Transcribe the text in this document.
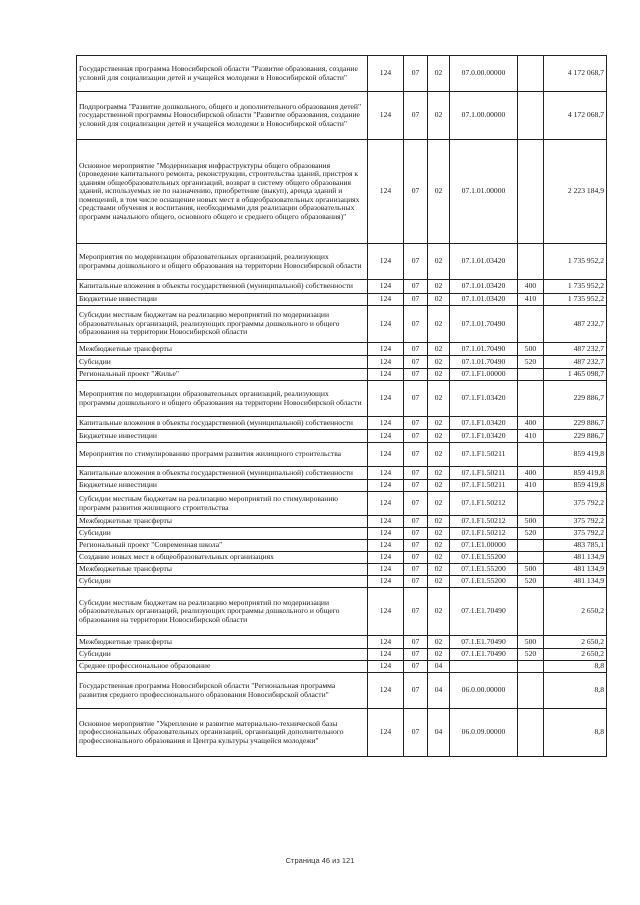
Государственная программа Новосибирской области "Развитие образования, создание условий для социализации детей и учащейся молодежи в Новосибирской области"	124	07	02	07.0.00.00000		4 172 068,7
Подпрограмма "Развитие дошкольного, общего и дополнительного образования детей" государственной программы Новосибирской области "Развитие образования, создание условий для социализации детей и учащейся молодежи в Новосибирской области"	124	07	02	07.1.00.00000		4 172 068,7
Основное мероприятие "Модернизация инфраструктуры общего образования (проведение капитального ремонта, реконструкции, строительства зданий, пристроя к зданиям общеобразовательных организаций, возврат в систему общего образования зданий, используемых не по назначению, приобретение (выкуп), аренда зданий и помещений, в том числе оснащение новых мест в общеобразовательных организациях средствами обучения и воспитания, необходимыми для реализации образовательных программ начального общего, основного общего и среднего общего образования)"	124	07	02	07.1.01.00000		2 223 184,9
Мероприятия по модернизации образовательных организаций, реализующих программы дошкольного и общего образования на территории Новосибирской области	124	07	02	07.1.01.03420		1 735 952,2
Капитальные вложения в объекты государственной (муниципальной) собственности	124	07	02	07.1.01.03420	400	1 735 952,2
Бюджетные инвестиции	124	07	02	07.1.01.03420	410	1 735 952,2
Субсидии местным бюджетам на реализацию мероприятий по модернизации образовательных организаций, реализующих программы дошкольного и общего образования на территории Новосибирской области	124	07	02	07.1.01.70490		487 232,7
Межбюджетные трансферты	124	07	02	07.1.01.70490	500	487 232,7
Субсидии	124	07	02	07.1.01.70490	520	487 232,7
Региональный проект "Жилье"	124	07	02	07.1.F1.00000		1 465 098,7
Мероприятия по модернизации образовательных организаций, реализующих программы дошкольного и общего образования на территории Новосибирской области	124	07	02	07.1.F1.03420		229 886,7
Капитальные вложения в объекты государственной (муниципальной) собственности	124	07	02	07.1.F1.03420	400	229 886,7
Бюджетные инвестиции	124	07	02	07.1.F1.03420	410	229 886,7
Мероприятия по стимулированию программ развития жилищного строительства	124	07	02	07.1.F1.50211		859 419,8
Капитальные вложения в объекты государственной (муниципальной) собственности	124	07	02	07.1.F1.50211	400	859 419,8
Бюджетные инвестиции	124	07	02	07.1.F1.50211	410	859 419,8
Субсидии местным бюджетам на реализацию мероприятий по стимулированию программ развития жилищного строительства	124	07	02	07.1.F1.50212		375 792,2
Межбюджетные трансферты	124	07	02	07.1.F1.50212	500	375 792,2
Субсидии	124	07	02	07.1.F1.50212	520	375 792,2
Региональный проект "Современная школа"	124	07	02	07.1.E1.00000		483 785,1
Создание новых мест в общеобразовательных организациях	124	07	02	07.1.E1.55200		481 134,9
Межбюджетные трансферты	124	07	02	07.1.E1.55200	500	481 134,9
Субсидии	124	07	02	07.1.E1.55200	520	481 134,9
Субсидии местным бюджетам на реализацию мероприятий по модернизации образовательных организаций, реализующих программы дошкольного и общего образования на территории Новосибирской области	124	07	02	07.1.E1.70490		2 650,2
Межбюджетные трансферты	124	07	02	07.1.E1.70490	500	2 650,2
Субсидии	124	07	02	07.1.E1.70490	520	2 650,2
Среднее профессиональное образование	124	07	04			8,8
Государственная программа Новосибирской области "Региональная программа развития среднего профессионального образования Новосибирской области"	124	07	04	06.0.00.00000		8,8
Основное мероприятие "Укрепление и развитие материально-технической базы профессиональных образовательных организаций, организаций дополнительного профессионального образования и Центра культуры учащейся молодежи"	124	07	04	06.0.09.00000		8,8
Страница 46 из 121
